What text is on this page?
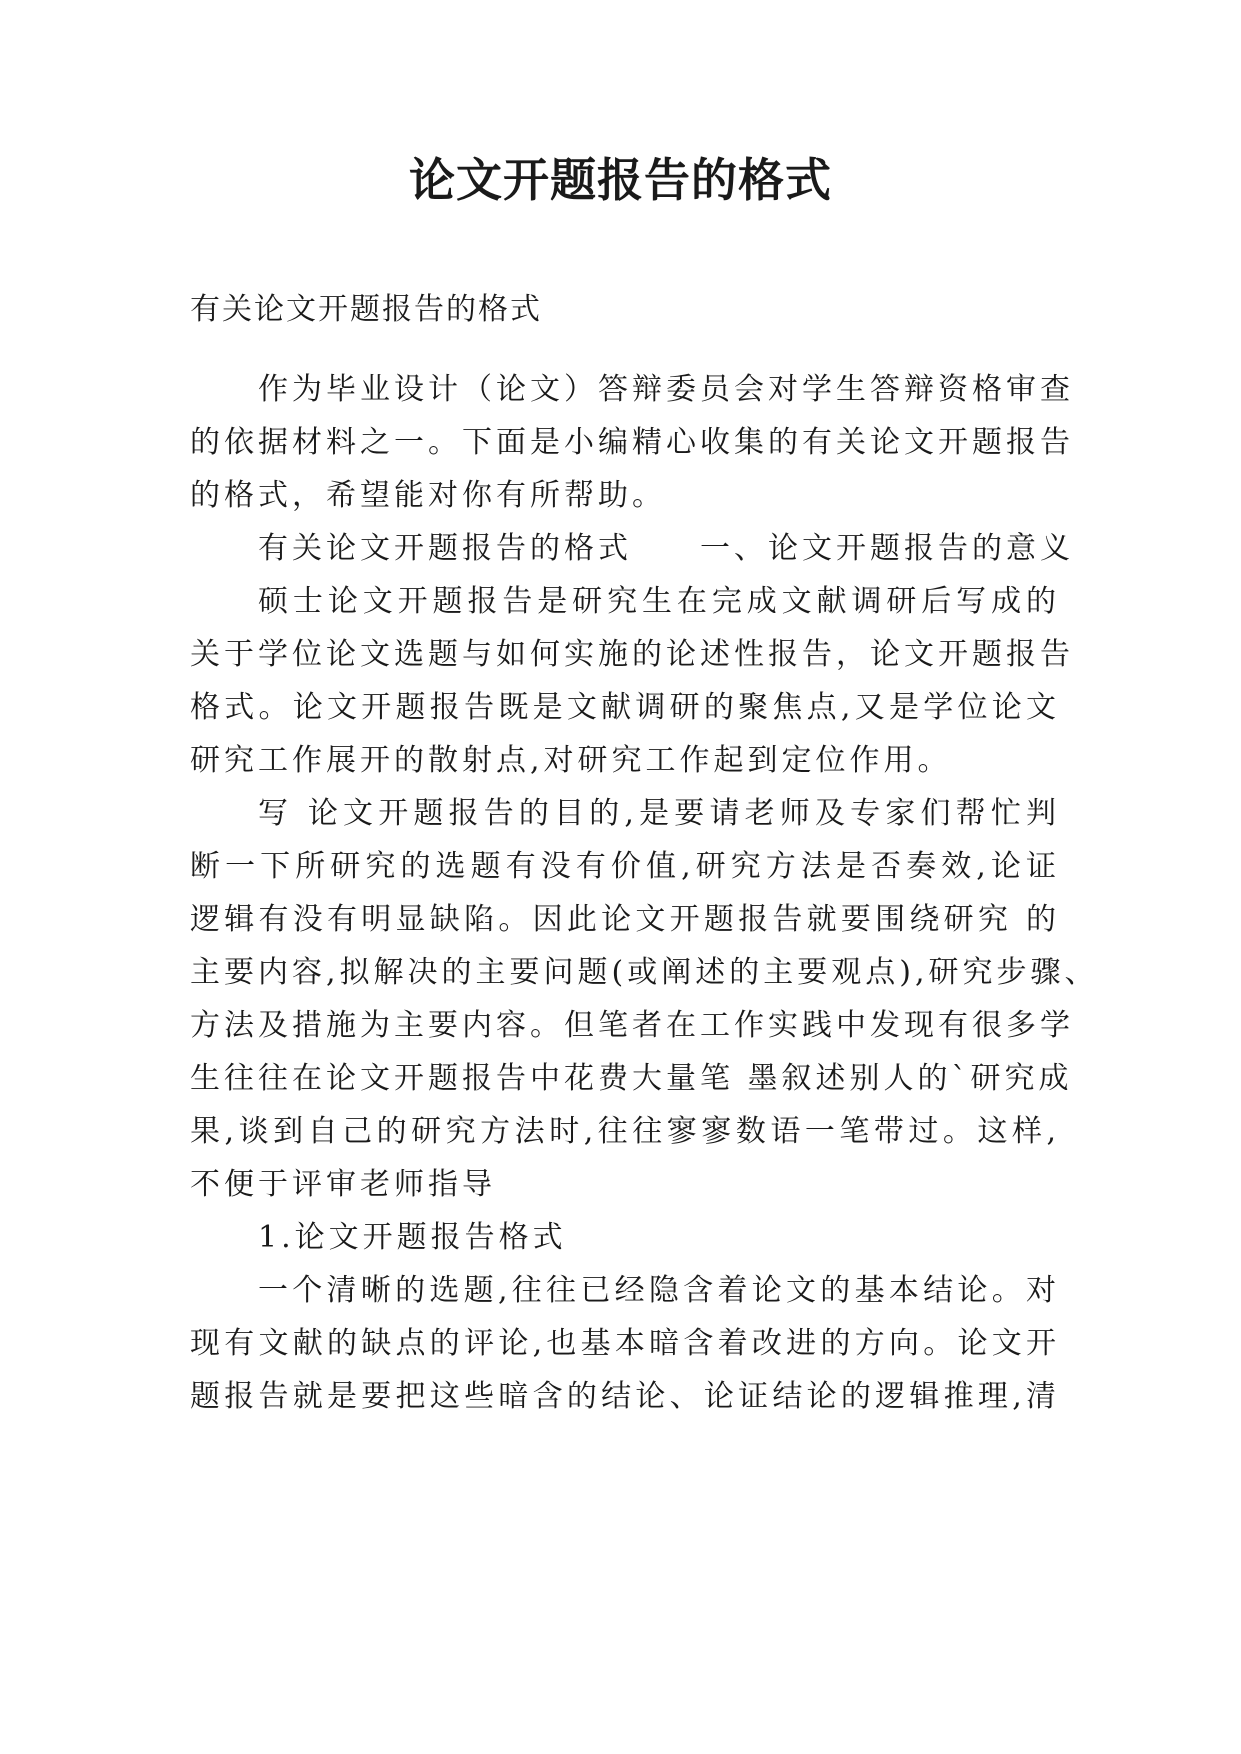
论文开题报告的格式

有关论文开题报告的格式

作为毕业设计（论文）答辩委员会对学生答辩资格审查

的依据材料之一。下面是小编精心收集的有关论文开题报告

的格式，希望能对你有所帮助。

有关论文开题报告的格式　　一、论文开题报告的意义

硕士论文开题报告是研究生在完成文献调研后写成的

关于学位论文选题与如何实施的论述性报告，论文开题报告

格式。论文开题报告既是文献调研的聚焦点,又是学位论文

研究工作展开的散射点,对研究工作起到定位作用。

写 论文开题报告的目的,是要请老师及专家们帮忙判

断一下所研究的选题有没有价值,研究方法是否奏效,论证

逻辑有没有明显缺陷。因此论文开题报告就要围绕研究 的

主要内容,拟解决的主要问题(或阐述的主要观点),研究步骤、

方法及措施为主要内容。但笔者在工作实践中发现有很多学

生往往在论文开题报告中花费大量笔 墨叙述别人的`研究成

果,谈到自己的研究方法时,往往寥寥数语一笔带过。这样,

不便于评审老师指导

1.论文开题报告格式

一个清晰的选题,往往已经隐含着论文的基本结论。对

现有文献的缺点的评论,也基本暗含着改进的方向。论文开

题报告就是要把这些暗含的结论、论证结论的逻辑推理,清
